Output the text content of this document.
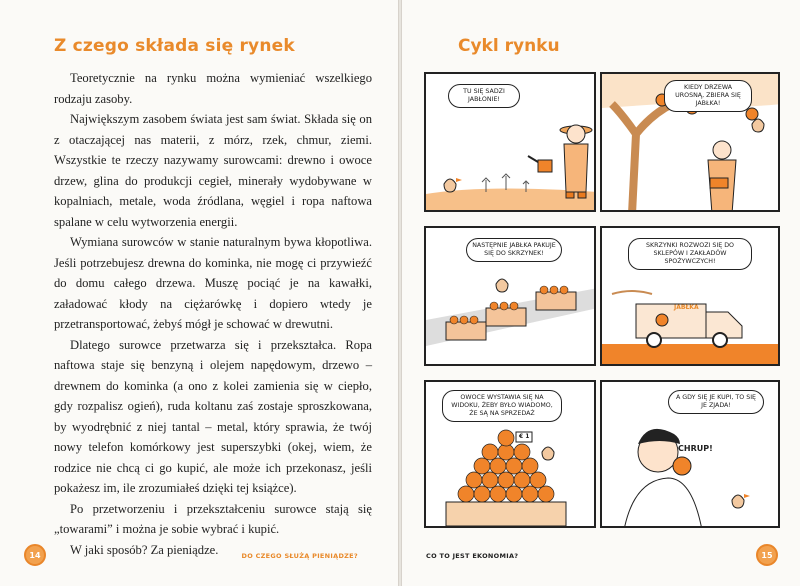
Z czego składa się rynek

Teoretycznie na rynku można wymieniać wszelkiego rodzaju zasoby.

Największym zasobem świata jest sam świat. Składa się on z otaczającej nas materii, z mórz, rzek, chmur, ziemi. Wszystkie te rzeczy nazywamy surowcami: drewno i owoce drzew, glina do produkcji cegieł, minerały wydobywane w kopalniach, metale, woda źródlana, węgiel i ropa naftowa spalane w celu wytworzenia energii.

Wymiana surowców w stanie naturalnym bywa kłopotliwa. Jeśli potrzebujesz drewna do kominka, nie mogę ci przywieźć do domu całego drzewa. Muszę pociąć je na kawałki, załadować kłody na ciężarówkę i dopiero wtedy je przetransportować, żebyś mógł je schować w drewutni.

Dlatego surowce przetwarza się i przekształca. Ropa naftowa staje się benzyną i olejem napędowym, drzewo – drewnem do kominka (a ono z kolei zamienia się w ciepło, gdy rozpalisz ogień), ruda koltanu zaś zostaje sproszkowana, by wyodrębnić z niej tantal – metal, który sprawia, że twój nowy telefon komórkowy jest superszybki (okej, wiem, że rodzice nie chcą ci go kupić, ale może ich przekonasz, jeśli pokażesz im, ile zrozumiałeś dzięki tej książce).

Po przetworzeniu i przekształceniu surowce stają się „towarami” i można je sobie wybrać i kupić.

W jaki sposób? Za pieniądze.

14	DO CZEGO SŁUŻĄ PIENIĄDZE?
Cykl rynku
TU SIĘ SADZI JABŁONIE!
KIEDY DRZEWA UROSNĄ, ZBIERA SIĘ JABŁKA!
NASTĘPNIE JABŁKA PAKUJE SIĘ DO SKRZYNEK!
SKRZYNKI ROZWOZI SIĘ DO SKLEPÓW I ZAKŁADÓW SPOŻYWCZYCH!
JABŁKA
OWOCE WYSTAWIA SIĘ NA WIDOKU, ŻEBY BYŁO WIADOMO, ŻE SĄ NA SPRZEDAŻ
€ 1
A GDY SIĘ JE KUPI, TO SIĘ JE ZJADA!
CHRUP!
CO TO JEST EKONOMIA?	15
